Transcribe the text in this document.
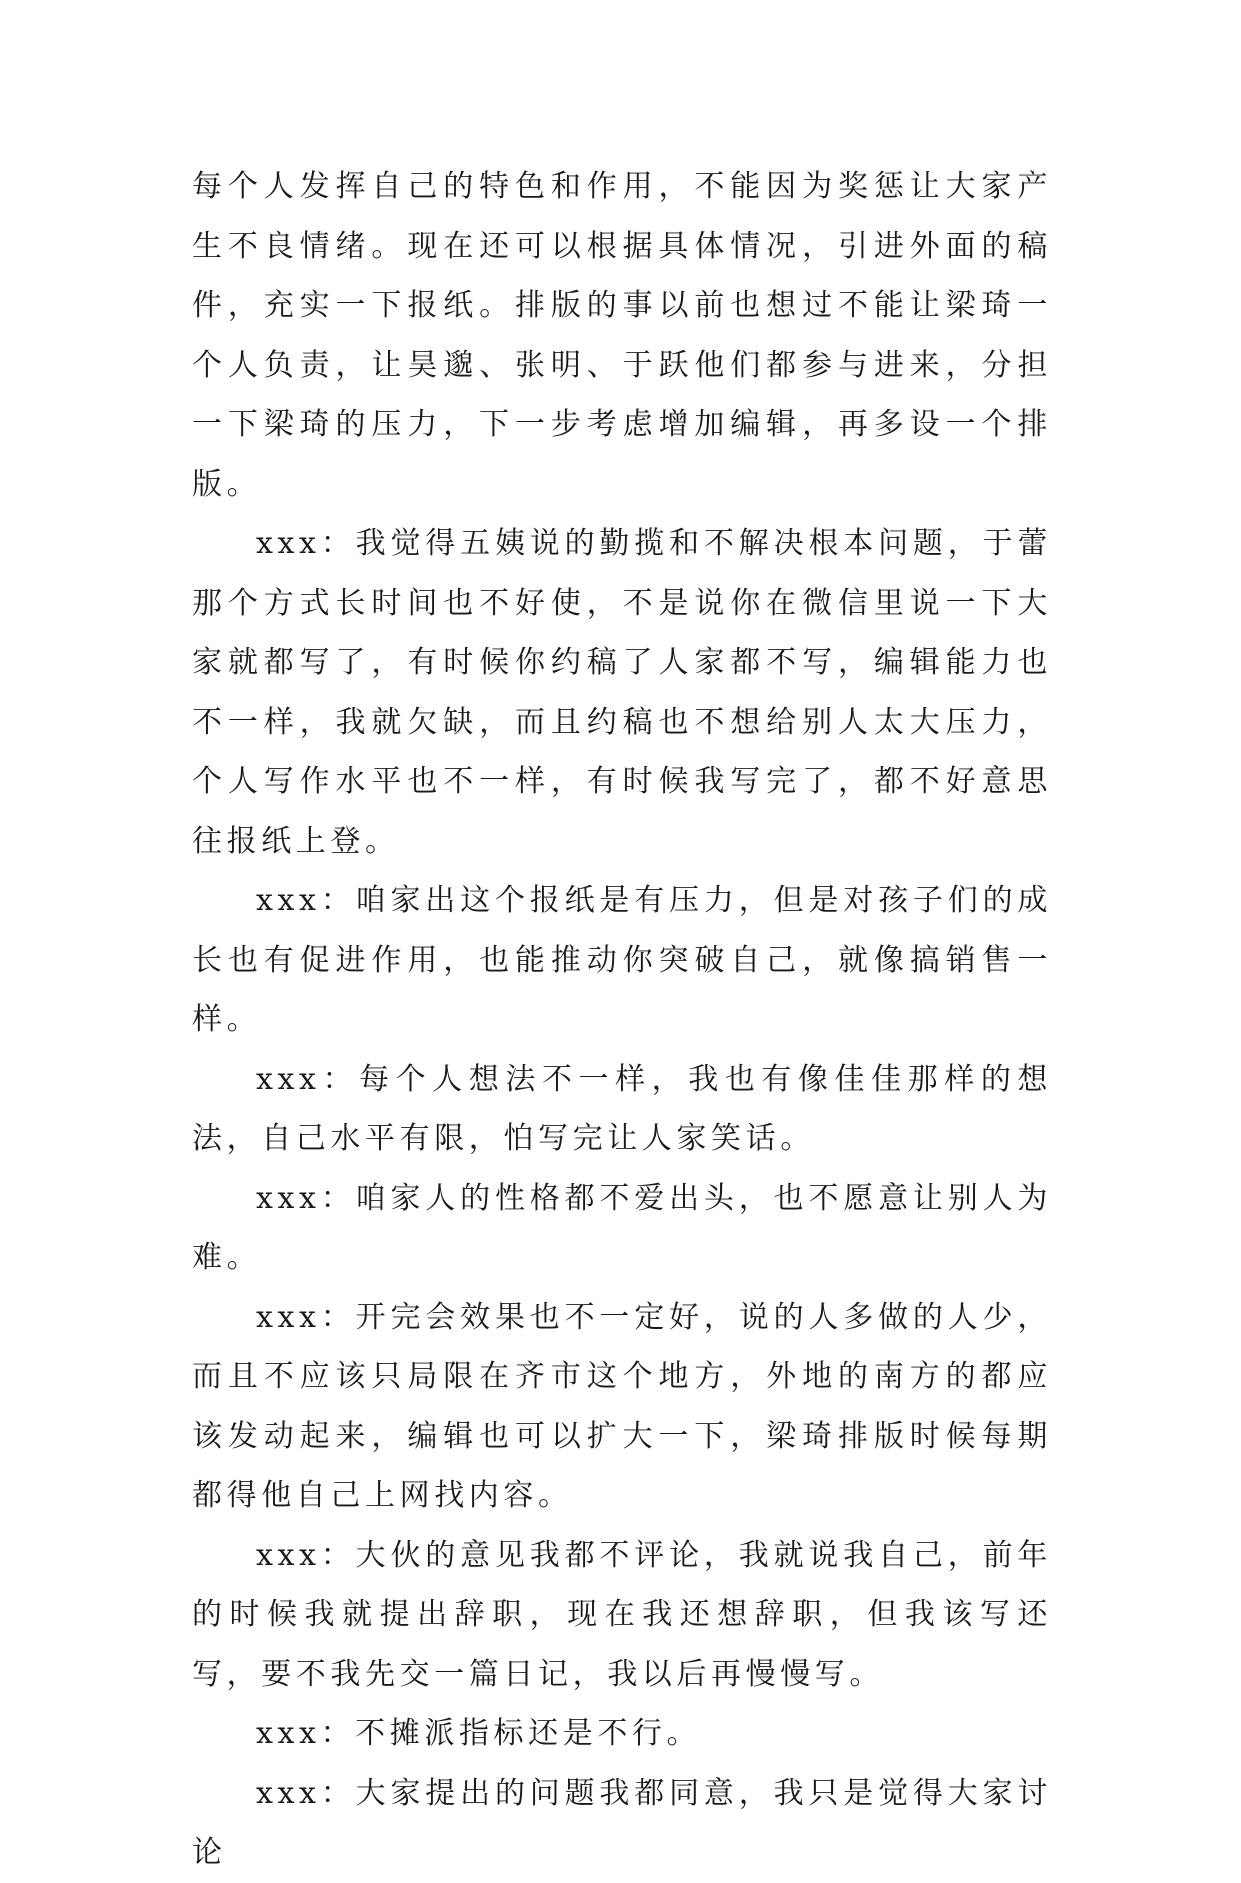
每个人发挥自己的特色和作用，不能因为奖惩让大家产生不良情绪。现在还可以根据具体情况，引进外面的稿件，充实一下报纸。排版的事以前也想过不能让梁琦一个人负责，让昊邈、张明、于跃他们都参与进来，分担一下梁琦的压力，下一步考虑增加编辑，再多设一个排版。

xxx：我觉得五姨说的勤揽和不解决根本问题，于蕾那个方式长时间也不好使，不是说你在微信里说一下大家就都写了，有时候你约稿了人家都不写，编辑能力也不一样，我就欠缺，而且约稿也不想给别人太大压力，个人写作水平也不一样，有时候我写完了，都不好意思往报纸上登。

xxx：咱家出这个报纸是有压力，但是对孩子们的成长也有促进作用，也能推动你突破自己，就像搞销售一样。

xxx：每个人想法不一样，我也有像佳佳那样的想法，自己水平有限，怕写完让人家笑话。

xxx：咱家人的性格都不爱出头，也不愿意让别人为难。

xxx：开完会效果也不一定好，说的人多做的人少，而且不应该只局限在齐市这个地方，外地的南方的都应该发动起来，编辑也可以扩大一下，梁琦排版时候每期都得他自己上网找内容。

xxx：大伙的意见我都不评论，我就说我自己，前年的时候我就提出辞职，现在我还想辞职，但我该写还写，要不我先交一篇日记，我以后再慢慢写。

xxx：不摊派指标还是不行。

xxx：大家提出的问题我都同意，我只是觉得大家讨论
